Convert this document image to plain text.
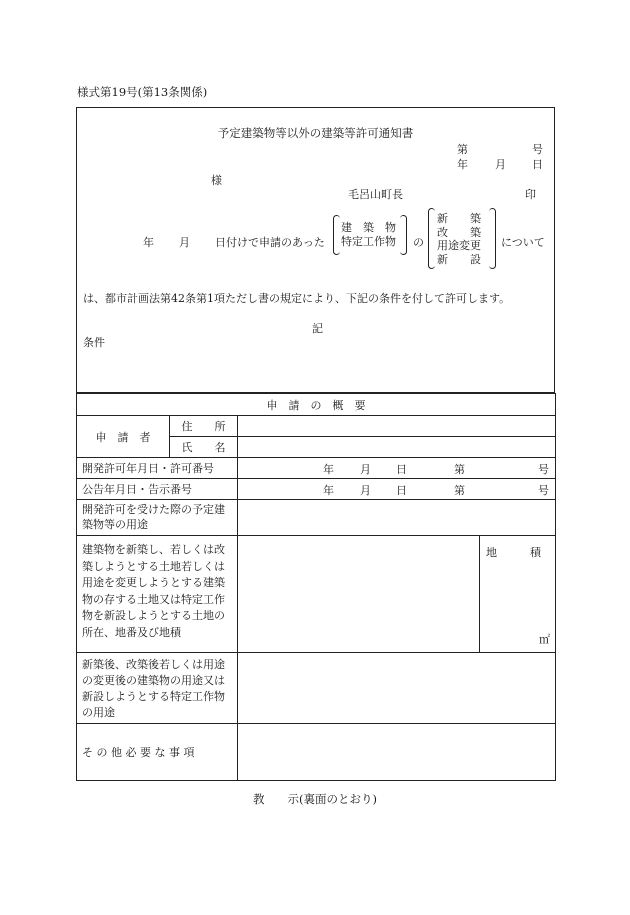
様式第19号(第13条関係)
予定建築物等以外の建築等許可通知書
第	号
年 月 日
様
毛呂山町長	印
年 月 日付けで申請のあった
建　築　物
特定工作物 の
新　　築
改　　築
用途変更
新　　設
について
は、都市計画法第42条第1項ただし書の規定により、下記の条件を付して許可します。
記
条件
申　請　の　概　要			
申　請　者	住　　所		
	氏　　名		
開発許可年月日・許可番号		年 月 日 第 号	

公告年月日・告示番号		年 月 日 第 号	

開発許可を受けた際の予定建築物等の用途			
建築物を新築し、若しくは改築しようとする土地若しくは用途を変更しようとする建築物の存する土地又は特定工作物を新設しようとする土地の所在、地番及び地積			地　　　積
㎡

新築後、改築後若しくは用途の変更後の建築物の用途又は新設しようとする特定工作物の用途			
そ の 他 必 要 な 事 項			
教　　示(裏面のとおり)
